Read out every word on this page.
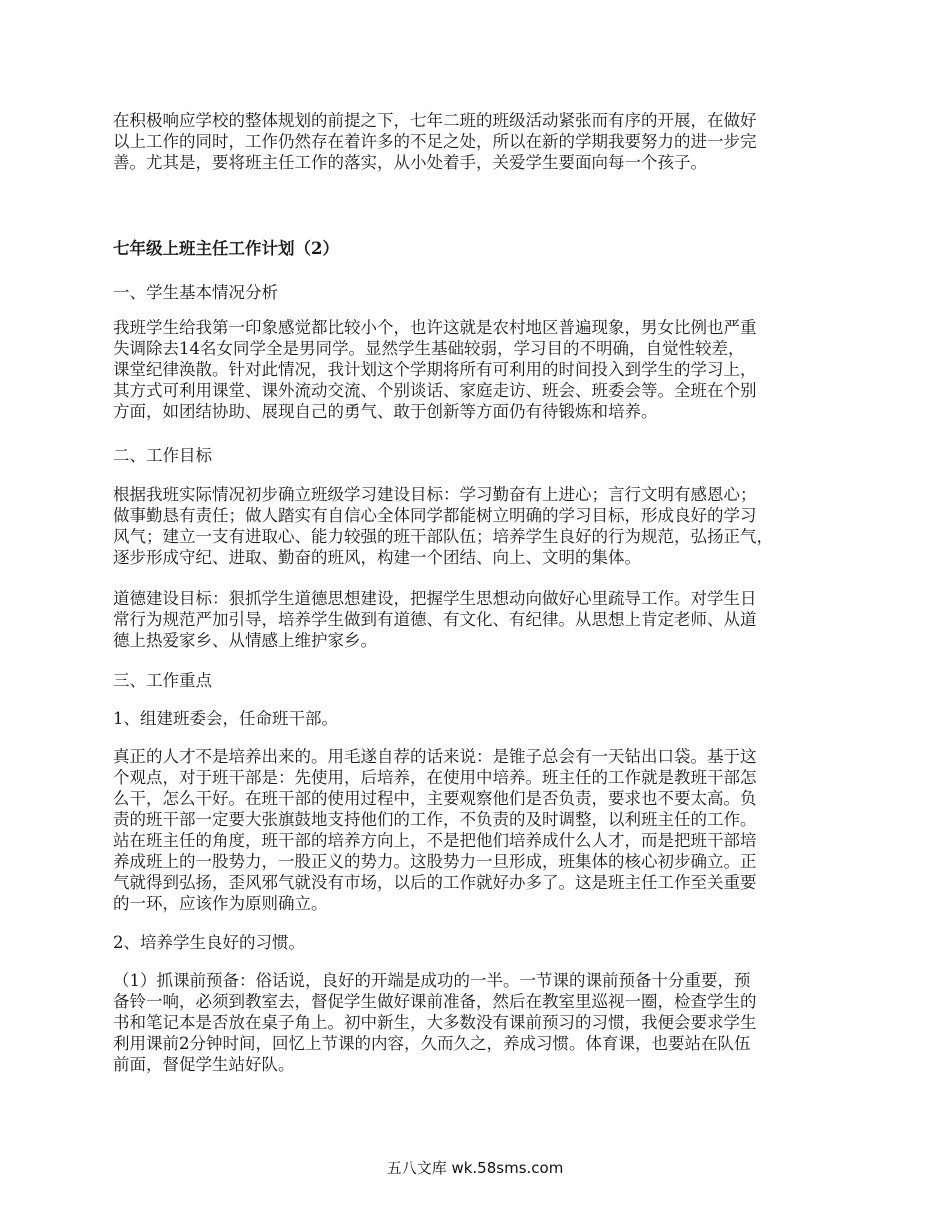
在积极响应学校的整体规划的前提之下，七年二班的班级活动紧张而有序的开展，在做好
以上工作的同时，工作仍然存在着许多的不足之处，所以在新的学期我要努力的进一步完
善。尤其是，要将班主任工作的落实，从小处着手，关爱学生要面向每一个孩子。

七年级上班主任工作计划（2）

一、学生基本情况分析

我班学生给我第一印象感觉都比较小个，也许这就是农村地区普遍现象，男女比例也严重
失调除去14名女同学全是男同学。显然学生基础较弱，学习目的不明确，自觉性较差，
课堂纪律涣散。针对此情况，我计划这个学期将所有可利用的时间投入到学生的学习上，
其方式可利用课堂、课外流动交流、个别谈话、家庭走访、班会、班委会等。全班在个别
方面，如团结协助、展现自己的勇气、敢于创新等方面仍有待锻炼和培养。

二、工作目标

根据我班实际情况初步确立班级学习建设目标：学习勤奋有上进心；言行文明有感恩心；
做事勤恳有责任；做人踏实有自信心全体同学都能树立明确的学习目标，形成良好的学习
风气；建立一支有进取心、能力较强的班干部队伍；培养学生良好的行为规范，弘扬正气，
逐步形成守纪、进取、勤奋的班风，构建一个团结、向上、文明的集体。

道德建设目标：狠抓学生道德思想建设，把握学生思想动向做好心里疏导工作。对学生日
常行为规范严加引导，培养学生做到有道德、有文化、有纪律。从思想上肯定老师、从道
德上热爱家乡、从情感上维护家乡。

三、工作重点

1、组建班委会，任命班干部。

真正的人才不是培养出来的。用毛遂自荐的话来说：是锥子总会有一天钻出口袋。基于这
个观点，对于班干部是：先使用，后培养，在使用中培养。班主任的工作就是教班干部怎
么干，怎么干好。在班干部的使用过程中，主要观察他们是否负责，要求也不要太高。负
责的班干部一定要大张旗鼓地支持他们的工作，不负责的及时调整，以利班主任的工作。
站在班主任的角度，班干部的培养方向上，不是把他们培养成什么人才，而是把班干部培
养成班上的一股势力，一股正义的势力。这股势力一旦形成，班集体的核心初步确立。正
气就得到弘扬，歪风邪气就没有市场，以后的工作就好办多了。这是班主任工作至关重要
的一环，应该作为原则确立。

2、培养学生良好的习惯。

（1）抓课前预备：俗话说，良好的开端是成功的一半。一节课的课前预备十分重要，预
备铃一响，必须到教室去，督促学生做好课前准备，然后在教室里巡视一圈，检查学生的
书和笔记本是否放在桌子角上。初中新生，大多数没有课前预习的习惯，我便会要求学生
利用课前2分钟时间，回忆上节课的内容，久而久之，养成习惯。体育课，也要站在队伍
前面，督促学生站好队。

五八文库 wk.58sms.com
